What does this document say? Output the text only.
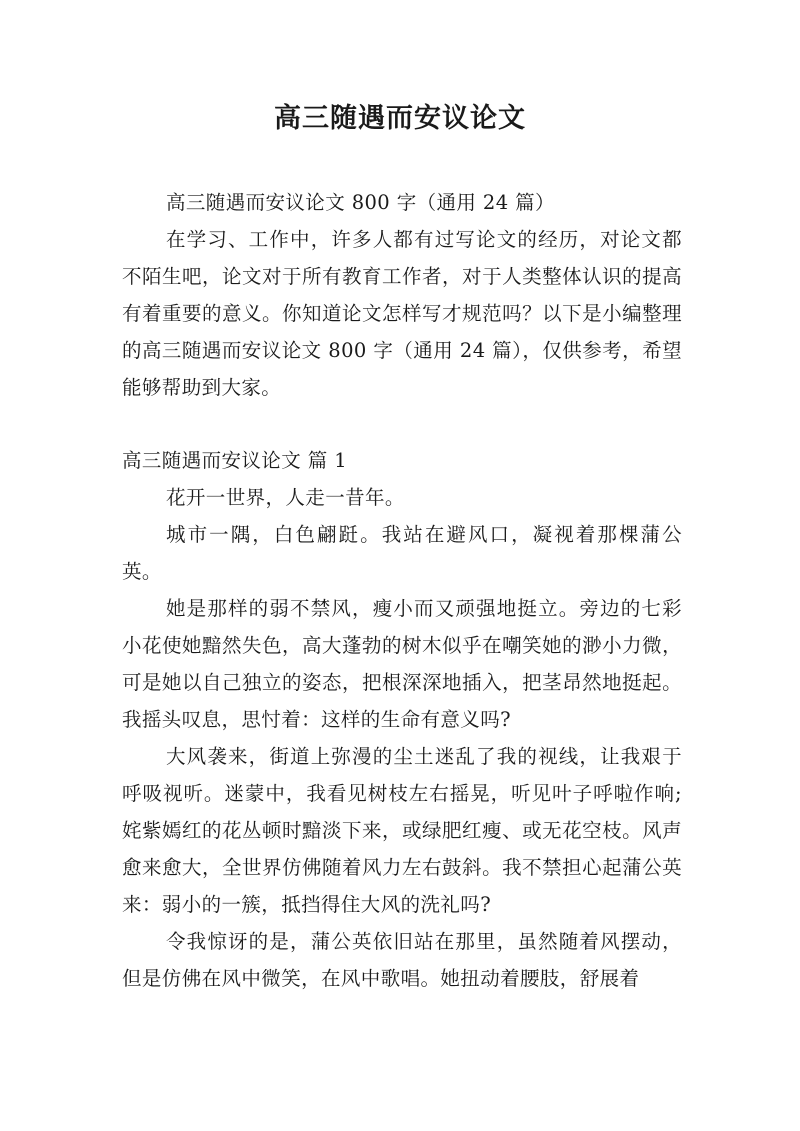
高三随遇而安议论文

高三随遇而安议论文 800 字（通用 24 篇）

在学习、工作中，许多人都有过写论文的经历，对论文都不陌生吧，论文对于所有教育工作者，对于人类整体认识的提高有着重要的意义。你知道论文怎样写才规范吗？以下是小编整理的高三随遇而安议论文 800 字（通用 24 篇），仅供参考，希望能够帮助到大家。

高三随遇而安议论文 篇 1

花开一世界，人走一昔年。

城市一隅，白色翩跹。我站在避风口，凝视着那棵蒲公英。

她是那样的弱不禁风，瘦小而又顽强地挺立。旁边的七彩小花使她黯然失色，高大蓬勃的树木似乎在嘲笑她的渺小力微，可是她以自己独立的姿态，把根深深地插入，把茎昂然地挺起。我摇头叹息，思忖着：这样的生命有意义吗?

大风袭来，街道上弥漫的尘土迷乱了我的视线，让我艰于呼吸视听。迷蒙中，我看见树枝左右摇晃，听见叶子呼啦作响;姹紫嫣红的花丛顿时黯淡下来，或绿肥红瘦、或无花空枝。风声愈来愈大，全世界仿佛随着风力左右鼓斜。我不禁担心起蒲公英来：弱小的一簇，抵挡得住大风的洗礼吗?

令我惊讶的是，蒲公英依旧站在那里，虽然随着风摆动，但是仿佛在风中微笑，在风中歌唱。她扭动着腰肢，舒展着
